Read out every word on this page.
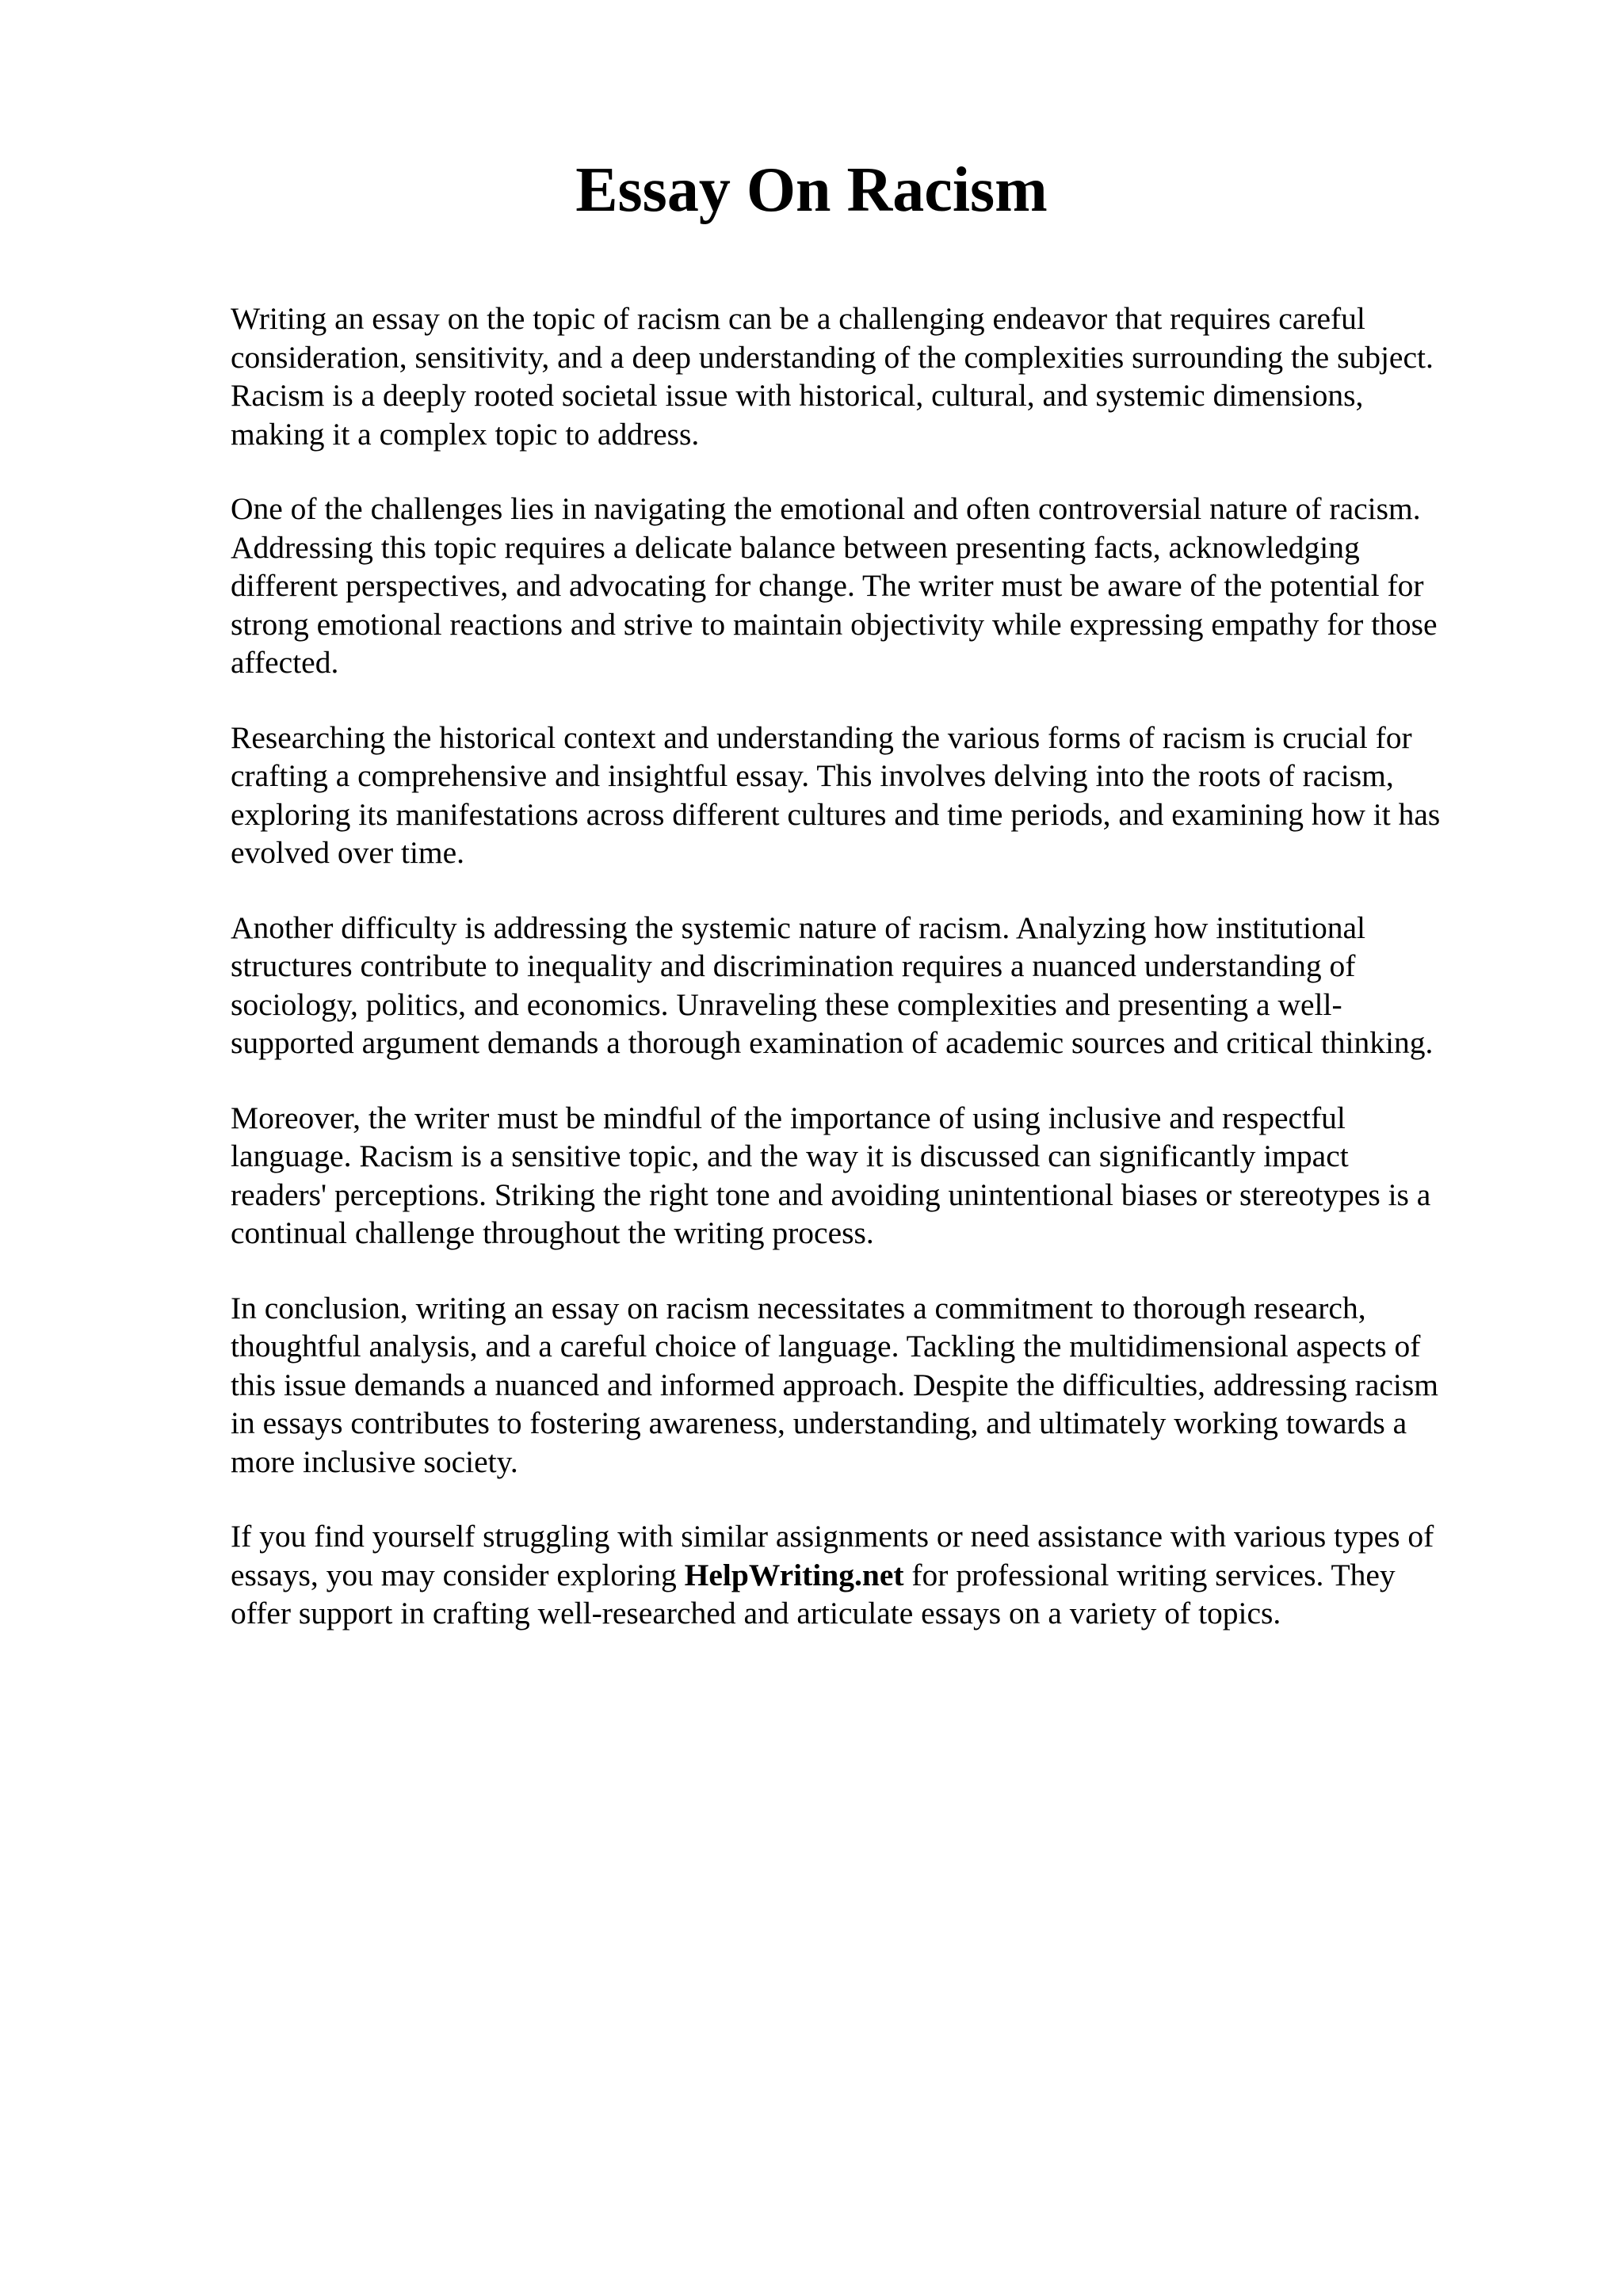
Essay On Racism

Writing an essay on the topic of racism can be a challenging endeavor that requires careful
consideration, sensitivity, and a deep understanding of the complexities surrounding the subject.
Racism is a deeply rooted societal issue with historical, cultural, and systemic dimensions,
making it a complex topic to address.

One of the challenges lies in navigating the emotional and often controversial nature of racism.
Addressing this topic requires a delicate balance between presenting facts, acknowledging
different perspectives, and advocating for change. The writer must be aware of the potential for
strong emotional reactions and strive to maintain objectivity while expressing empathy for those
affected.

Researching the historical context and understanding the various forms of racism is crucial for
crafting a comprehensive and insightful essay. This involves delving into the roots of racism,
exploring its manifestations across different cultures and time periods, and examining how it has
evolved over time.

Another difficulty is addressing the systemic nature of racism. Analyzing how institutional
structures contribute to inequality and discrimination requires a nuanced understanding of
sociology, politics, and economics. Unraveling these complexities and presenting a well-
supported argument demands a thorough examination of academic sources and critical thinking.

Moreover, the writer must be mindful of the importance of using inclusive and respectful
language. Racism is a sensitive topic, and the way it is discussed can significantly impact
readers' perceptions. Striking the right tone and avoiding unintentional biases or stereotypes is a
continual challenge throughout the writing process.

In conclusion, writing an essay on racism necessitates a commitment to thorough research,
thoughtful analysis, and a careful choice of language. Tackling the multidimensional aspects of
this issue demands a nuanced and informed approach. Despite the difficulties, addressing racism
in essays contributes to fostering awareness, understanding, and ultimately working towards a
more inclusive society.

If you find yourself struggling with similar assignments or need assistance with various types of
essays, you may consider exploring HelpWriting.net for professional writing services. They
offer support in crafting well-researched and articulate essays on a variety of topics.
